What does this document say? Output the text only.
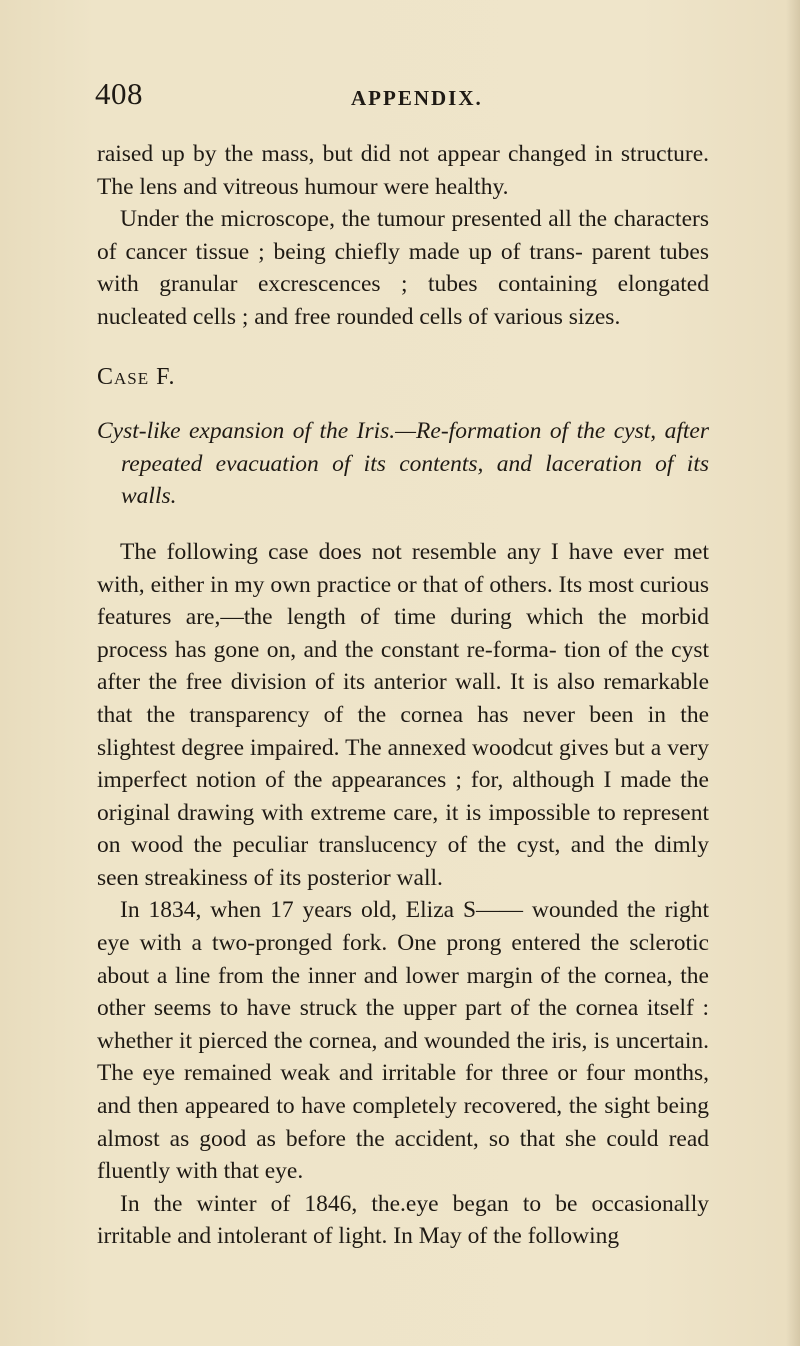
408	APPENDIX.

raised up by the mass, but did not appear changed in structure. The lens and vitreous humour were healthy.

Under the microscope, the tumour presented all the characters of cancer tissue ; being chiefly made up of trans- parent tubes with granular excrescences ; tubes containing elongated nucleated cells ; and free rounded cells of various sizes.

Case F.

Cyst-like expansion of the Iris.—Re-formation of the cyst, after repeated evacuation of its contents, and laceration of its walls.

The following case does not resemble any I have ever met with, either in my own practice or that of others. Its most curious features are,—the length of time during which the morbid process has gone on, and the constant re-forma- tion of the cyst after the free division of its anterior wall. It is also remarkable that the transparency of the cornea has never been in the slightest degree impaired. The annexed woodcut gives but a very imperfect notion of the appearances ; for, although I made the original drawing with extreme care, it is impossible to represent on wood the peculiar translucency of the cyst, and the dimly seen streakiness of its posterior wall.

In 1834, when 17 years old, Eliza S—— wounded the right eye with a two-pronged fork. One prong entered the sclerotic about a line from the inner and lower margin of the cornea, the other seems to have struck the upper part of the cornea itself : whether it pierced the cornea, and wounded the iris, is uncertain. The eye remained weak and irritable for three or four months, and then appeared to have completely recovered, the sight being almost as good as before the accident, so that she could read fluently with that eye.

In the winter of 1846, the.eye began to be occasionally irritable and intolerant of light. In May of the following
